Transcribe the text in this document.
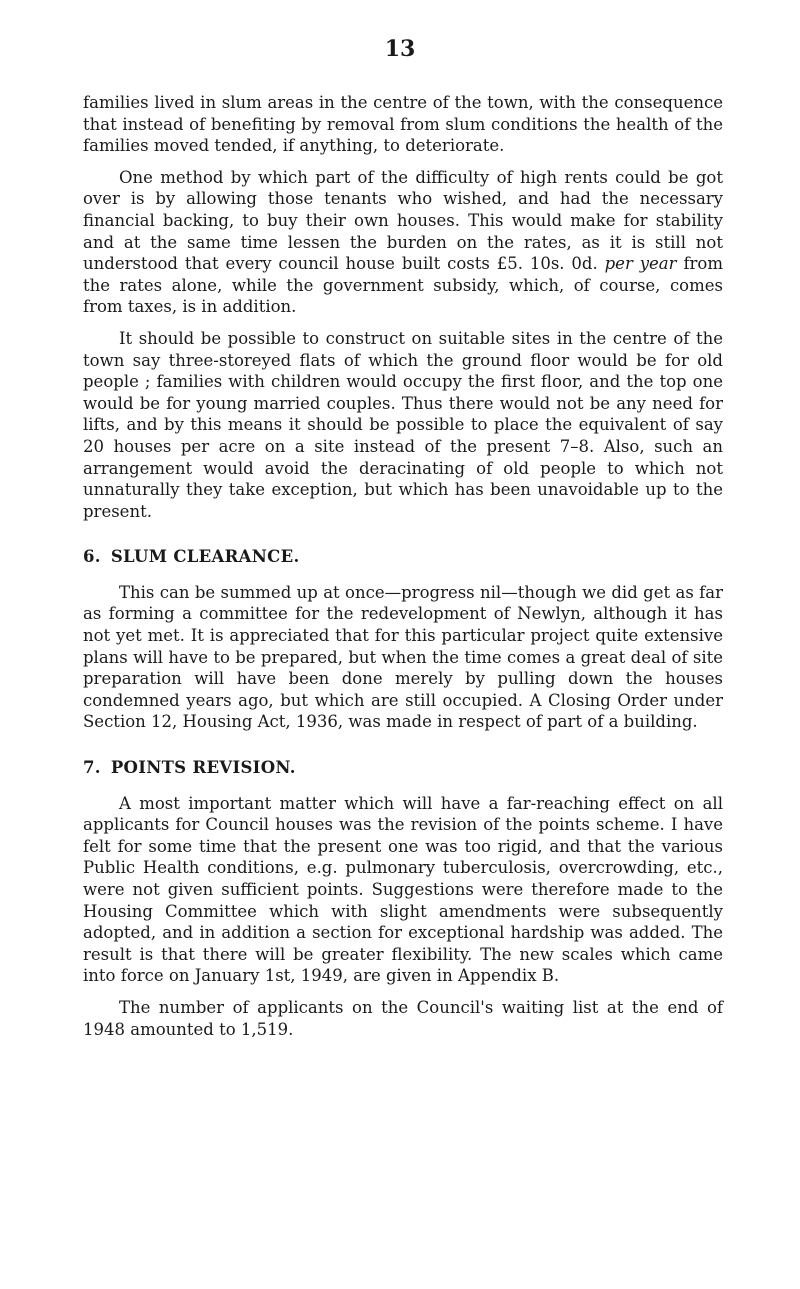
13

families lived in slum areas in the centre of the town, with the consequence that instead of benefiting by removal from slum conditions the health of the families moved tended, if anything, to deteriorate.

One method by which part of the difficulty of high rents could be got over is by allowing those tenants who wished, and had the necessary financial backing, to buy their own houses. This would make for stability and at the same time lessen the burden on the rates, as it is still not understood that every council house built costs £5. 10s. 0d. per year from the rates alone, while the government subsidy, which, of course, comes from taxes, is in addition.

It should be possible to construct on suitable sites in the centre of the town say three-storeyed flats of which the ground floor would be for old people ; families with children would occupy the first floor, and the top one would be for young married couples. Thus there would not be any need for lifts, and by this means it should be possible to place the equivalent of say 20 houses per acre on a site instead of the present 7–8. Also, such an arrangement would avoid the deracinating of old people to which not unnaturally they take exception, but which has been unavoidable up to the present.

6. SLUM CLEARANCE.

This can be summed up at once—progress nil—though we did get as far as forming a committee for the redevelopment of Newlyn, although it has not yet met. It is appreciated that for this particular project quite extensive plans will have to be prepared, but when the time comes a great deal of site preparation will have been done merely by pulling down the houses condemned years ago, but which are still occupied. A Closing Order under Section 12, Housing Act, 1936, was made in respect of part of a building.

7. POINTS REVISION.

A most important matter which will have a far-reaching effect on all applicants for Council houses was the revision of the points scheme. I have felt for some time that the present one was too rigid, and that the various Public Health conditions, e.g. pulmonary tuberculosis, overcrowding, etc., were not given sufficient points. Suggestions were therefore made to the Housing Committee which with slight amendments were subsequently adopted, and in addition a section for exceptional hardship was added. The result is that there will be greater flexibility. The new scales which came into force on January 1st, 1949, are given in Appendix B.

The number of applicants on the Council's waiting list at the end of 1948 amounted to 1,519.
